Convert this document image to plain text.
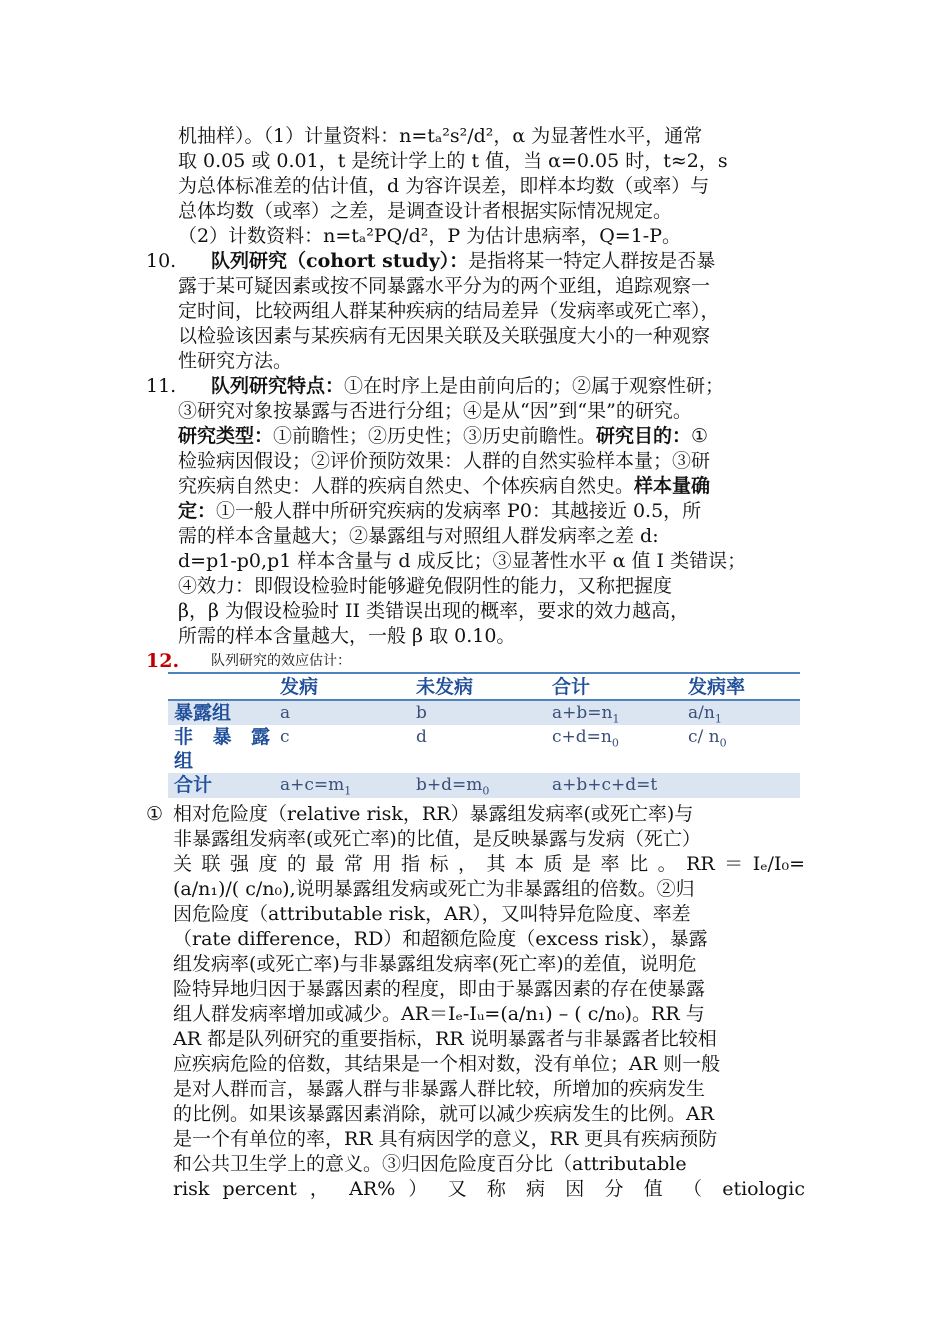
机抽样）。（1）计量资料：n=tₐ²s²/d²，α 为显著性水平，通常
取 0.05 或 0.01，t 是统计学上的 t 值，当 α=0.05 时，t≈2，s
为总体标准差的估计值，d 为容许误差，即样本均数（或率）与
总体均数（或率）之差，是调查设计者根据实际情况规定。
（2）计数资料：n=tₐ²PQ/d²，P 为估计患病率，Q=1-P。
10. 队列研究（cohort study）：是指将某一特定人群按是否暴
露于某可疑因素或按不同暴露水平分为的两个亚组，追踪观察一
定时间，比较两组人群某种疾病的结局差异（发病率或死亡率），
以检验该因素与某疾病有无因果关联及关联强度大小的一种观察
性研究方法。
11. 队列研究特点：①在时序上是由前向后的；②属于观察性研；
③研究对象按暴露与否进行分组；④是从“因”到“果”的研究。
研究类型：①前瞻性；②历史性；③历史前瞻性。研究目的：①
检验病因假设；②评价预防效果：人群的自然实验样本量；③研
究疾病自然史：人群的疾病自然史、个体疾病自然史。样本量确
定：①一般人群中所研究疾病的发病率 P0：其越接近 0.5，所
需的样本含量越大；②暴露组与对照组人群发病率之差 d:
d=p1-p0,p1 样本含量与 d 成反比；③显著性水平 α 值 I 类错误；
④效力：即假设检验时能够避免假阴性的能力，又称把握度
β，β 为假设检验时 II 类错误出现的概率，要求的效力越高，
所需的样本含量越大，一般 β 取 0.10。
12. 队列研究的效应估计：
发病	未发病	合计	发病率
暴露组	a	b	$a+b=n_1$	$a/n_1$
非 暴 露
组
c	d	$c+d=n_0$	c/ $n_0$
合计	$a+c=m_1$	$b+d=m_0$	a+b+c+d=t
① 相对危险度（relative risk，RR）暴露组发病率(或死亡率)与
非暴露组发病率(或死亡率)的比值，是反映暴露与发病（死亡）
关联强度的最常用指标，其本质是率比。RR＝Iₑ/I₀=
(a/n₁)/( c/n₀),说明暴露组发病或死亡为非暴露组的倍数。②归
因危险度（attributable risk，AR），又叫特异危险度、率差
（rate difference，RD）和超额危险度（excess risk），暴露
组发病率(或死亡率)与非暴露组发病率(死亡率)的差值，说明危
险特异地归因于暴露因素的程度，即由于暴露因素的存在使暴露
组人群发病率增加或减少。AR＝Iₑ-Iᵤ=(a/n₁) – ( c/n₀)。RR 与
AR 都是队列研究的重要指标，RR 说明暴露者与非暴露者比较相
应疾病危险的倍数，其结果是一个相对数，没有单位；AR 则一般
是对人群而言，暴露人群与非暴露人群比较，所增加的疾病发生
的比例。如果该暴露因素消除，就可以减少疾病发生的比例。AR
是一个有单位的率，RR 具有病因学的意义，RR 更具有疾病预防
和公共卫生学上的意义。③归因危险度百分比（attributable
risk percent ， AR% ） 又 称 病 因 分 值 （ etiologic
